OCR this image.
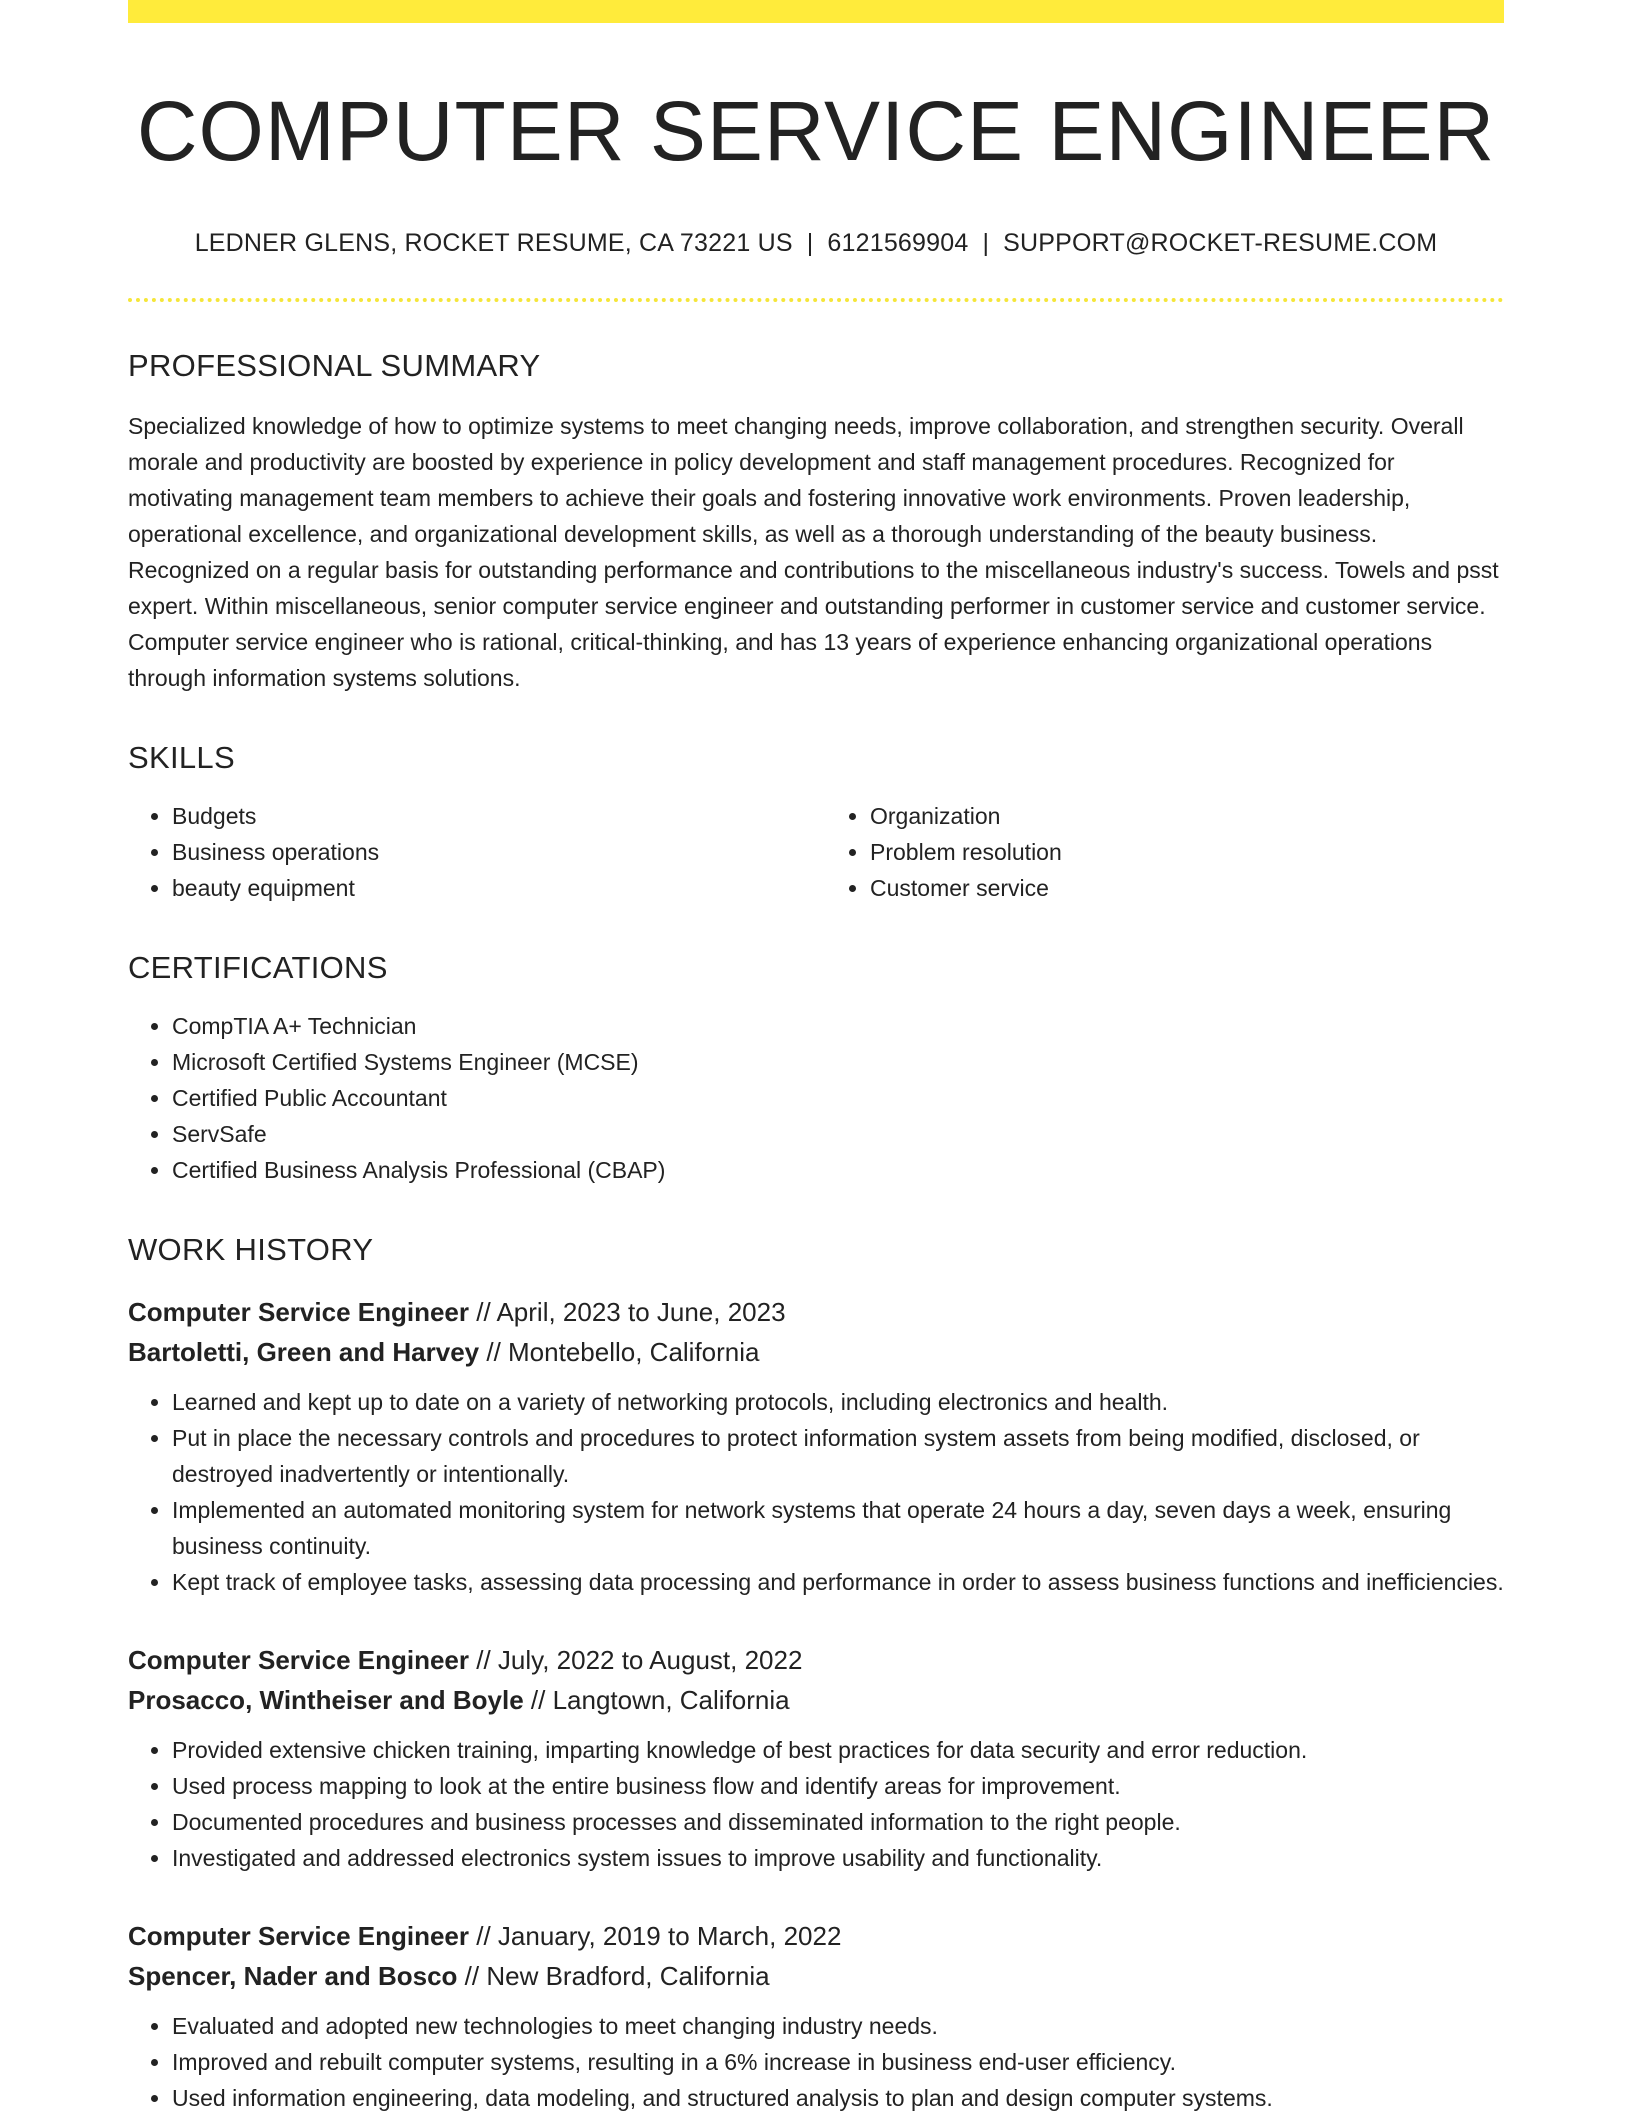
COMPUTER SERVICE ENGINEER
LEDNER GLENS, ROCKET RESUME, CA 73221 US | 6121569904 | SUPPORT@ROCKET-RESUME.COM
PROFESSIONAL SUMMARY

Specialized knowledge of how to optimize systems to meet changing needs, improve collaboration, and strengthen security. Overall morale and productivity are boosted by experience in policy development and staff management procedures. Recognized for motivating management team members to achieve their goals and fostering innovative work environments. Proven leadership, operational excellence, and organizational development skills, as well as a thorough understanding of the beauty business. Recognized on a regular basis for outstanding performance and contributions to the miscellaneous industry's success. Towels and psst expert. Within miscellaneous, senior computer service engineer and outstanding performer in customer service and customer service. Computer service engineer who is rational, critical-thinking, and has 13 years of experience enhancing organizational operations through information systems solutions.

SKILLS
• Budgets
• Business operations
• beauty equipment
• Organization
• Problem resolution
• Customer service
CERTIFICATIONS
• CompTIA A+ Technician
• Microsoft Certified Systems Engineer (MCSE)
• Certified Public Accountant
• ServSafe
• Certified Business Analysis Professional (CBAP)
WORK HISTORY
Computer Service Engineer // April, 2023 to June, 2023
Bartoletti, Green and Harvey // Montebello, California
• Learned and kept up to date on a variety of networking protocols, including electronics and health.
• Put in place the necessary controls and procedures to protect information system assets from being modified, disclosed, or destroyed inadvertently or intentionally.
• Implemented an automated monitoring system for network systems that operate 24 hours a day, seven days a week, ensuring business continuity.
• Kept track of employee tasks, assessing data processing and performance in order to assess business functions and inefficiencies.
Computer Service Engineer // July, 2022 to August, 2022
Prosacco, Wintheiser and Boyle // Langtown, California
• Provided extensive chicken training, imparting knowledge of best practices for data security and error reduction.
• Used process mapping to look at the entire business flow and identify areas for improvement.
• Documented procedures and business processes and disseminated information to the right people.
• Investigated and addressed electronics system issues to improve usability and functionality.
Computer Service Engineer // January, 2019 to March, 2022
Spencer, Nader and Bosco // New Bradford, California
• Evaluated and adopted new technologies to meet changing industry needs.
• Improved and rebuilt computer systems, resulting in a 6% increase in business end-user efficiency.
• Used information engineering, data modeling, and structured analysis to plan and design computer systems.
